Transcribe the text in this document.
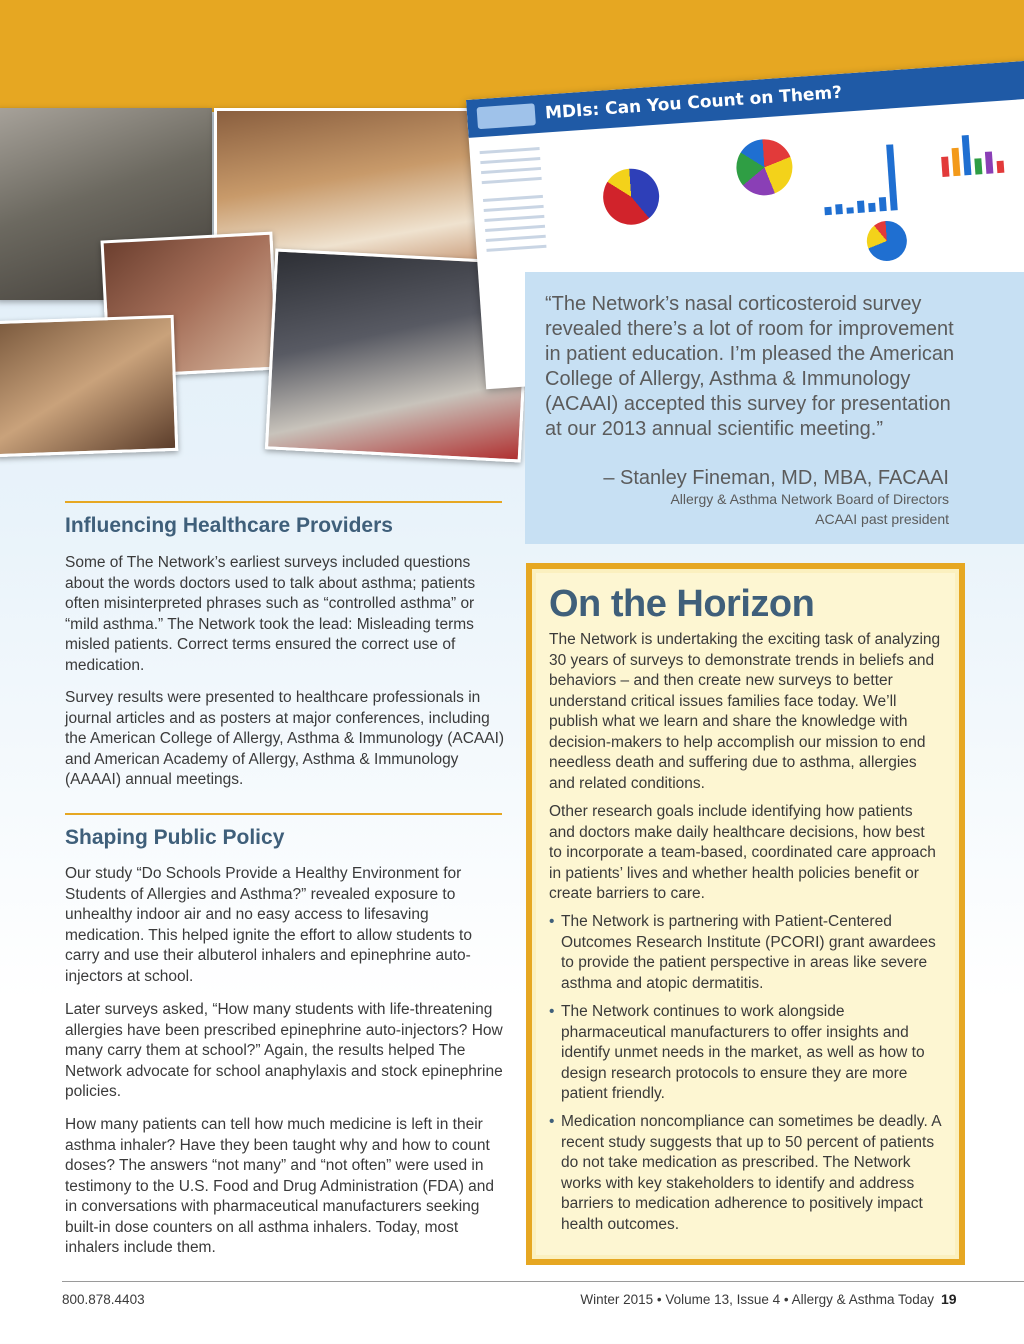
MDIs: Can You Count on Them?
“The Network’s nasal corticosteroid survey revealed there’s a lot of room for improvement in patient education. I’m pleased the American College of Allergy, Asthma & Immunology (ACAAI) accepted this survey for presentation at our 2013 annual scientific meeting.”
– Stanley Fineman, MD, MBA, FACAAI
Allergy & Asthma Network Board of Directors
ACAAI past president
Influencing Healthcare Providers

Some of The Network’s earliest surveys included questions about the words doctors used to talk about asthma; patients often misinterpreted phrases such as “controlled asthma” or “mild asthma.” The Network took the lead: Misleading terms misled patients. Correct terms ensured the correct use of medication.

Survey results were presented to healthcare professionals in journal articles and as posters at major conferences, including the American College of Allergy, Asthma & Immunology (ACAAI) and American Academy of Allergy, Asthma & Immunology (AAAAI) annual meetings.

Shaping Public Policy

Our study “Do Schools Provide a Healthy Environment for Students of Allergies and Asthma?” revealed exposure to unhealthy indoor air and no easy access to lifesaving medication. This helped ignite the effort to allow students to carry and use their albuterol inhalers and epinephrine auto-injectors at school.

Later surveys asked, “How many students with life-threatening allergies have been prescribed epinephrine auto-injectors? How many carry them at school?” Again, the results helped The Network advocate for school anaphylaxis and stock epinephrine policies.

How many patients can tell how much medicine is left in their asthma inhaler? Have they been taught why and how to count doses? The answers “not many” and “not often” were used in testimony to the U.S. Food and Drug Administration (FDA) and in conversations with pharmaceutical manufacturers seeking built-in dose counters on all asthma inhalers. Today, most inhalers include them.

On the Horizon

The Network is undertaking the exciting task of analyzing 30 years of surveys to demonstrate trends in beliefs and behaviors – and then create new surveys to better understand critical issues families face today. We’ll publish what we learn and share the knowledge with decision-makers to help accomplish our mission to end needless death and suffering due to asthma, allergies and related conditions.

Other research goals include identifying how patients and doctors make daily healthcare decisions, how best to incorporate a team-based, coordinated care approach in patients’ lives and whether health policies benefit or create barriers to care.

• The Network is partnering with Patient-Centered Outcomes Research Institute (PCORI) grant awardees to provide the patient perspective in areas like severe asthma and atopic dermatitis.
• The Network continues to work alongside pharmaceutical manufacturers to offer insights and identify unmet needs in the market, as well as how to design research protocols to ensure they are more patient friendly.
• Medication noncompliance can sometimes be deadly. A recent study suggests that up to 50 percent of patients do not take medication as prescribed. The Network works with key stakeholders to identify and address barriers to medication adherence to positively impact health outcomes.
800.878.4403	Winter 2015 • Volume 13, Issue 4 • Allergy & Asthma Today 19
